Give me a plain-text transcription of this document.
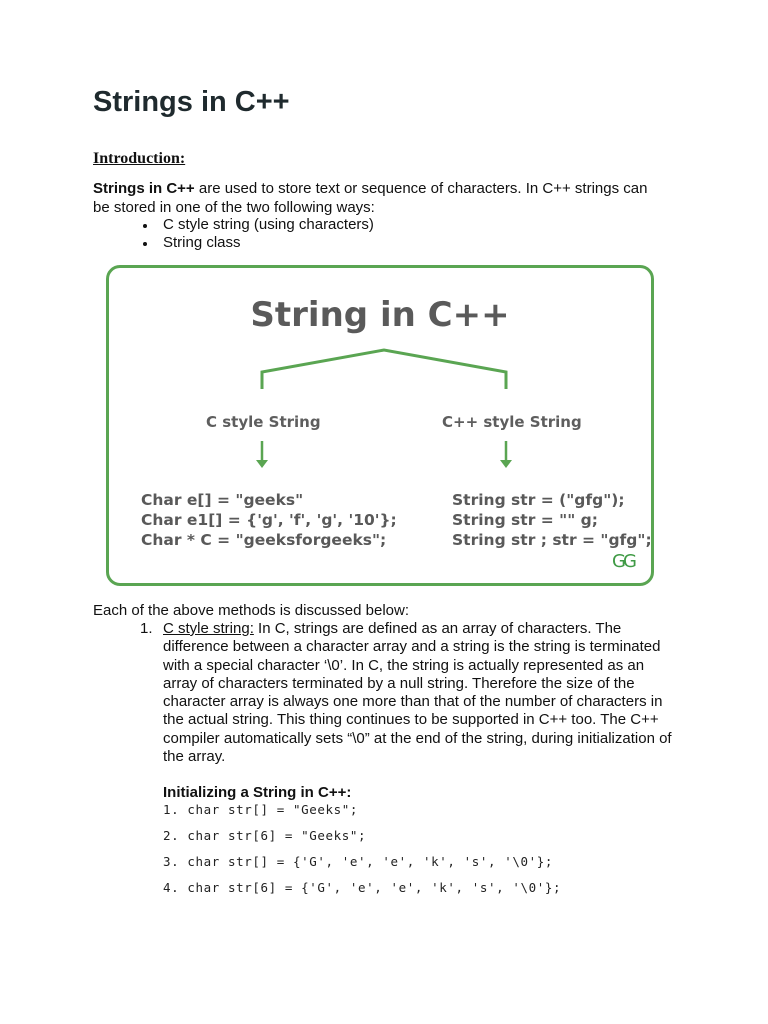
Strings in C++
Introduction:
Strings in C++ are used to store text or sequence of characters. In C++ strings can be stored in one of the two following ways:
C style string (using characters)
String class
String in C++
C style String	C++ style String
Char e[] = "geeks"
Char e1[] = {'g', 'f', 'g', '10'};
Char * C = "geeksforgeeks";
String str = ("gfg");
String str = "" g;
String str ; str = "gfg";
GG
Each of the above methods is discussed below:
1. C style string: In C, strings are defined as an array of characters. The difference between a character array and a string is the string is terminated with a special character ‘\0’. In C, the string is actually represented as an array of characters terminated by a null string. Therefore the size of the character array is always one more than that of the number of characters in the actual string. This thing continues to be supported in C++ too. The C++ compiler automatically sets “\0” at the end of the string, during initialization of the array.
Initializing a String in C++:
1. char str[] = "Geeks";
2. char str[6] = "Geeks";
3. char str[] = {'G', 'e', 'e', 'k', 's', '\0'};
4. char str[6] = {'G', 'e', 'e', 'k', 's', '\0'};
